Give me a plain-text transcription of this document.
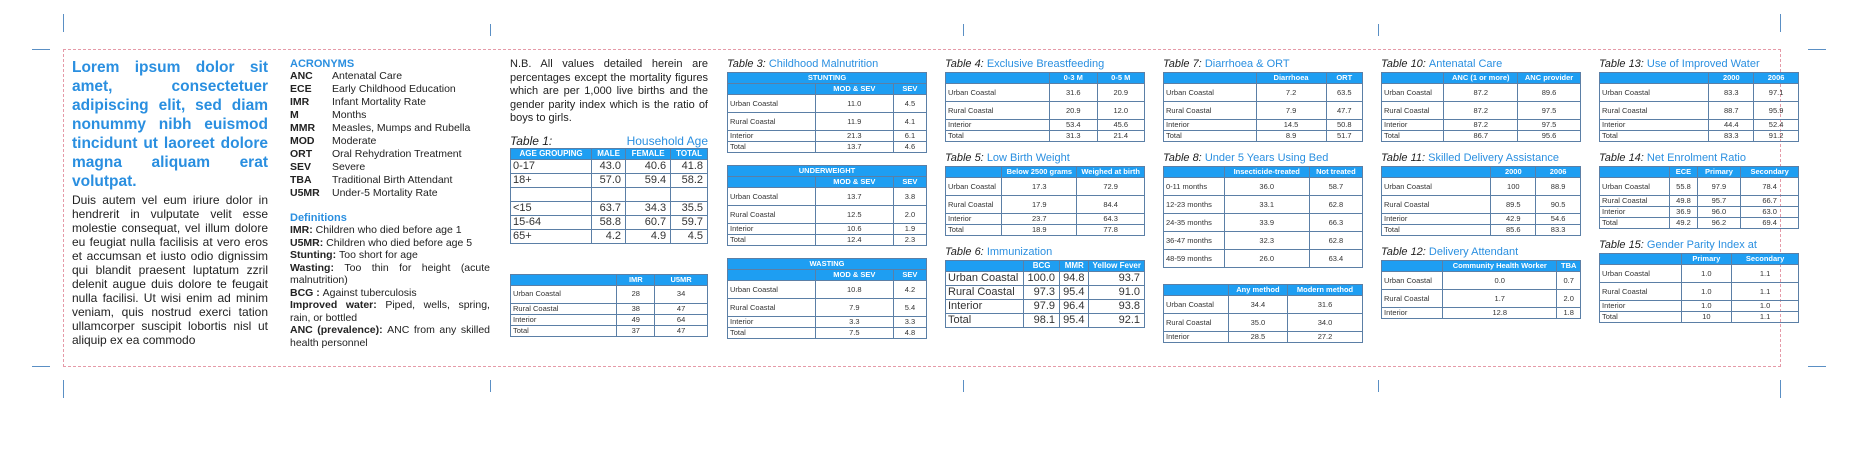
Lorem ipsum dolor sit amet, consectetuer adipiscing elit, sed diam nonummy nibh euismod tincidunt ut laoreet dolore magna aliquam erat volutpat.
Duis autem vel eum iriure dolor in hendrerit in vulputate velit esse molestie consequat, vel illum dolore eu feugiat nulla facilisis at vero eros et accumsan et iusto odio dignissim qui blandit praesent luptatum zzril delenit augue duis dolore te feugait nulla facilisi. Ut wisi enim ad minim veniam, quis nostrud exerci tation ullamcorper suscipit lobortis nisl ut aliquip ex ea commodo
ACRONYMS
ANC Antenatal Care
ECE Early Childhood Education
IMR Infant Mortality Rate
M	Months
MMR Measles, Mumps and Rubella
MOD Moderate
ORT Oral Rehydration Treatment
SEV Severe
TBA Traditional Birth Attendant
U5MR Under-5 Mortality Rate
Definitions
IMR: Children who died before age 1
U5MR: Children who died before age 5
Stunting: Too short for age
Wasting: Too thin for height (acute malnutrition)
BCG : Against tuberculosis
Improved water: Piped, wells, spring, rain, or bottled
ANC (prevalence): ANC from any skilled health personnel
N.B. All values detailed herein are percentages except the mortality figures which are per 1,000 live births and the gender parity index which is the ratio of boys to girls.
Table 1:	Household Age
AGE GROUPING	MALE	FEMALE	TOTAL
0-17	43.0	40.6	41.8
18+	57.0	59.4	58.2

<15	63.7	34.3	35.5
15-64	58.8	60.7	59.7
65+	4.2	4.9	4.5
	IMR	U5MR
Urban Coastal	28	34
Rural Coastal	38	47
Interior	49	64
Total	37	47
Table 3: Childhood Malnutrition
STUNTING		
	MOD & SEV	SEV
Urban Coastal	11.0	4.5
Rural Coastal	11.9	4.1
Interior	21.3	6.1
Total	13.7	4.6
UNDERWEIGHT		
	MOD & SEV	SEV
Urban Coastal	13.7	3.8
Rural Coastal	12.5	2.0
Interior	10.6	1.9
Total	12.4	2.3
WASTING		
	MOD & SEV	SEV
Urban Coastal	10.8	4.2
Rural Coastal	7.9	5.4
Interior	3.3	3.3
Total	7.5	4.8
Table 4: Exclusive Breastfeeding
	0-3 M	0-5 M
Urban Coastal	31.6	20.9
Rural Coastal	20.9	12.0
Interior	53.4	45.6
Total	31.3	21.4
Table 5: Low Birth Weight
	Below 2500 grams	Weighed at birth
Urban Coastal	17.3	72.9
Rural Coastal	17.9	84.4
Interior	23.7	64.3
Total	18.9	77.8
Table 6: Immunization
	BCG	MMR	Yellow Fever
Urban Coastal	100.0	94.8	93.7
Rural Coastal	97.3	95.4	91.0
Interior	97.9	96.4	93.8
Total	98.1	95.4	92.1
Table 7: Diarrhoea & ORT
	Diarrhoea	ORT
Urban Coastal	7.2	63.5
Rural Coastal	7.9	47.7
Interior	14.5	50.8
Total	8.9	51.7
Table 8: Under 5 Years Using Bed
	Insecticide-treated	Not treated
0-11 months	36.0	58.7
12-23 months	33.1	62.8
24-35 months	33.9	66.3
36-47 months	32.3	62.8
48-59 months	26.0	63.4
	Any method	Modern method
Urban Coastal	34.4	31.6
Rural Coastal	35.0	34.0
Interior	28.5	27.2
Table 10: Antenatal Care
	ANC (1 or more)	ANC provider
Urban Coastal	87.2	89.6
Rural Coastal	87.2	97.5
Interior	87.2	97.5
Total	86.7	95.6
Table 11: Skilled Delivery Assistance
	2000	2006
Urban Coastal	100	88.9
Rural Coastal	89.5	90.5
Interior	42.9	54.6
Total	85.6	83.3
Table 12: Delivery Attendant
	Community Health Worker	TBA
Urban Coastal	0.0	0.7
Rural Coastal	1.7	2.0
Interior	12.8	1.8
Table 13: Use of Improved Water
	2000	2006
Urban Coastal	83.3	97.1
Rural Coastal	88.7	95.9
Interior	44.4	52.4
Total	83.3	91.2
Table 14: Net Enrolment Ratio
	ECE	Primary	Secondary
Urban Coastal	55.8	97.9	78.4
Rural Coastal	49.8	95.7	66.7
Interior	36.9	96.0	63.0
Total	49.2	96.2	69.4
Table 15: Gender Parity Index at
	Primary	Secondary
Urban Coastal	1.0	1.1
Rural Coastal	1.0	1.1
Interior	1.0	1.0
Total	10	1.1
